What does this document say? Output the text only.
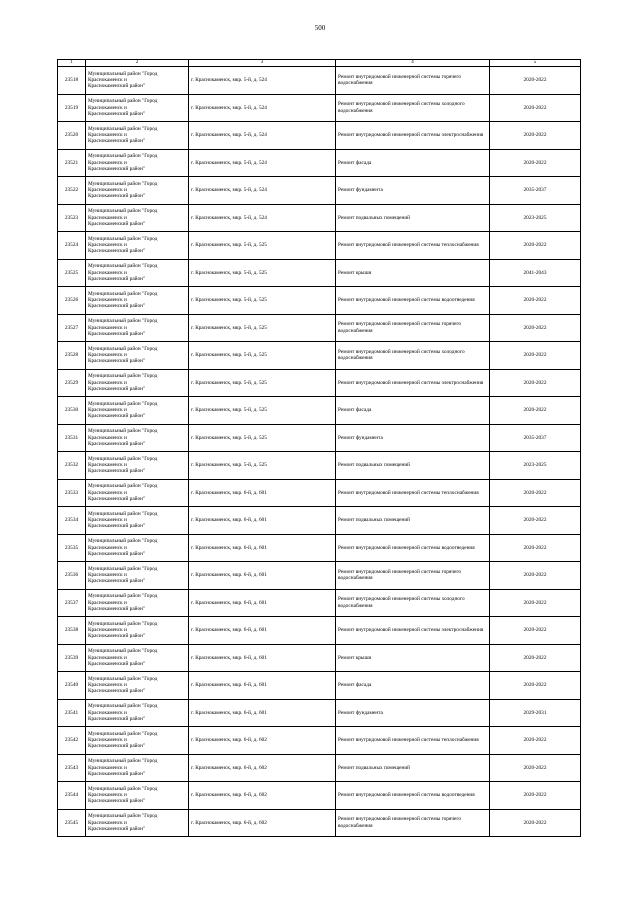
500
1	2	3	4	5
23518	Муниципальный район "Город
Краснокаменск и
Краснокаменский район"	г. Краснокаменск, мкр. 5-й, д. 524	Ремонт внутридомовой инженерной системы горячего водоснабжения	2020-2022
23519	Муниципальный район "Город
Краснокаменск и
Краснокаменский район"	г. Краснокаменск, мкр. 5-й, д. 524	Ремонт внутридомовой инженерной системы холодного водоснабжения	2020-2022
23520	Муниципальный район "Город
Краснокаменск и
Краснокаменский район"	г. Краснокаменск, мкр. 5-й, д. 524	Ремонт внутридомовой инженерной системы электроснабжения	2020-2022
23521	Муниципальный район "Город
Краснокаменск и
Краснокаменский район"	г. Краснокаменск, мкр. 5-й, д. 524	Ремонт фасада	2020-2022
23522	Муниципальный район "Город
Краснокаменск и
Краснокаменский район"	г. Краснокаменск, мкр. 5-й, д. 524	Ремонт фундамента	2035-2037
23523	Муниципальный район "Город
Краснокаменск и
Краснокаменский район"	г. Краснокаменск, мкр. 5-й, д. 524	Ремонт подвальных помещений	2023-2025
23524	Муниципальный район "Город
Краснокаменск и
Краснокаменский район"	г. Краснокаменск, мкр. 5-й, д. 525	Ремонт внутридомовой инженерной системы теплоснабжения	2020-2022
23525	Муниципальный район "Город
Краснокаменск и
Краснокаменский район"	г. Краснокаменск, мкр. 5-й, д. 525	Ремонт крыши	2041-2043
23526	Муниципальный район "Город
Краснокаменск и
Краснокаменский район"	г. Краснокаменск, мкр. 5-й, д. 525	Ремонт внутридомовой инженерной системы водоотведения	2020-2022
23527	Муниципальный район "Город
Краснокаменск и
Краснокаменский район"	г. Краснокаменск, мкр. 5-й, д. 525	Ремонт внутридомовой инженерной системы горячего водоснабжения	2020-2022
23528	Муниципальный район "Город
Краснокаменск и
Краснокаменский район"	г. Краснокаменск, мкр. 5-й, д. 525	Ремонт внутридомовой инженерной системы холодного водоснабжения	2020-2022
23529	Муниципальный район "Город
Краснокаменск и
Краснокаменский район"	г. Краснокаменск, мкр. 5-й, д. 525	Ремонт внутридомовой инженерной системы электроснабжения	2020-2022
23530	Муниципальный район "Город
Краснокаменск и
Краснокаменский район"	г. Краснокаменск, мкр. 5-й, д. 525	Ремонт фасада	2020-2022
23531	Муниципальный район "Город
Краснокаменск и
Краснокаменский район"	г. Краснокаменск, мкр. 5-й, д. 525	Ремонт фундамента	2035-2037
23532	Муниципальный район "Город
Краснокаменск и
Краснокаменский район"	г. Краснокаменск, мкр. 5-й, д. 525	Ремонт подвальных помещений	2023-2025
23533	Муниципальный район "Город
Краснокаменск и
Краснокаменский район"	г. Краснокаменск, мкр. 6-й, д. 601	Ремонт внутридомовой инженерной системы теплоснабжения	2020-2022
23534	Муниципальный район "Город
Краснокаменск и
Краснокаменский район"	г. Краснокаменск, мкр. 6-й, д. 601	Ремонт подвальных помещений	2020-2022
23535	Муниципальный район "Город
Краснокаменск и
Краснокаменский район"	г. Краснокаменск, мкр. 6-й, д. 601	Ремонт внутридомовой инженерной системы водоотведения	2020-2022
23536	Муниципальный район "Город
Краснокаменск и
Краснокаменский район"	г. Краснокаменск, мкр. 6-й, д. 601	Ремонт внутридомовой инженерной системы горячего водоснабжения	2020-2022
23537	Муниципальный район "Город
Краснокаменск и
Краснокаменский район"	г. Краснокаменск, мкр. 6-й, д. 601	Ремонт внутридомовой инженерной системы холодного водоснабжения	2020-2022
23538	Муниципальный район "Город
Краснокаменск и
Краснокаменский район"	г. Краснокаменск, мкр. 6-й, д. 601	Ремонт внутридомовой инженерной системы электроснабжения	2020-2022
23539	Муниципальный район "Город
Краснокаменск и
Краснокаменский район"	г. Краснокаменск, мкр. 6-й, д. 601	Ремонт крыши	2020-2022
23540	Муниципальный район "Город
Краснокаменск и
Краснокаменский район"	г. Краснокаменск, мкр. 6-й, д. 601	Ремонт фасада	2020-2022
23541	Муниципальный район "Город
Краснокаменск и
Краснокаменский район"	г. Краснокаменск, мкр. 6-й, д. 601	Ремонт фундамента	2029-2031
23542	Муниципальный район "Город
Краснокаменск и
Краснокаменский район"	г. Краснокаменск, мкр. 6-й, д. 602	Ремонт внутридомовой инженерной системы теплоснабжения	2020-2022
23543	Муниципальный район "Город
Краснокаменск и
Краснокаменский район"	г. Краснокаменск, мкр. 6-й, д. 602	Ремонт подвальных помещений	2020-2022
23544	Муниципальный район "Город
Краснокаменск и
Краснокаменский район"	г. Краснокаменск, мкр. 6-й, д. 602	Ремонт внутридомовой инженерной системы водоотведения	2020-2022
23545	Муниципальный район "Город
Краснокаменск и
Краснокаменский район"	г. Краснокаменск, мкр. 6-й, д. 602	Ремонт внутридомовой инженерной системы горячего водоснабжения	2020-2022
